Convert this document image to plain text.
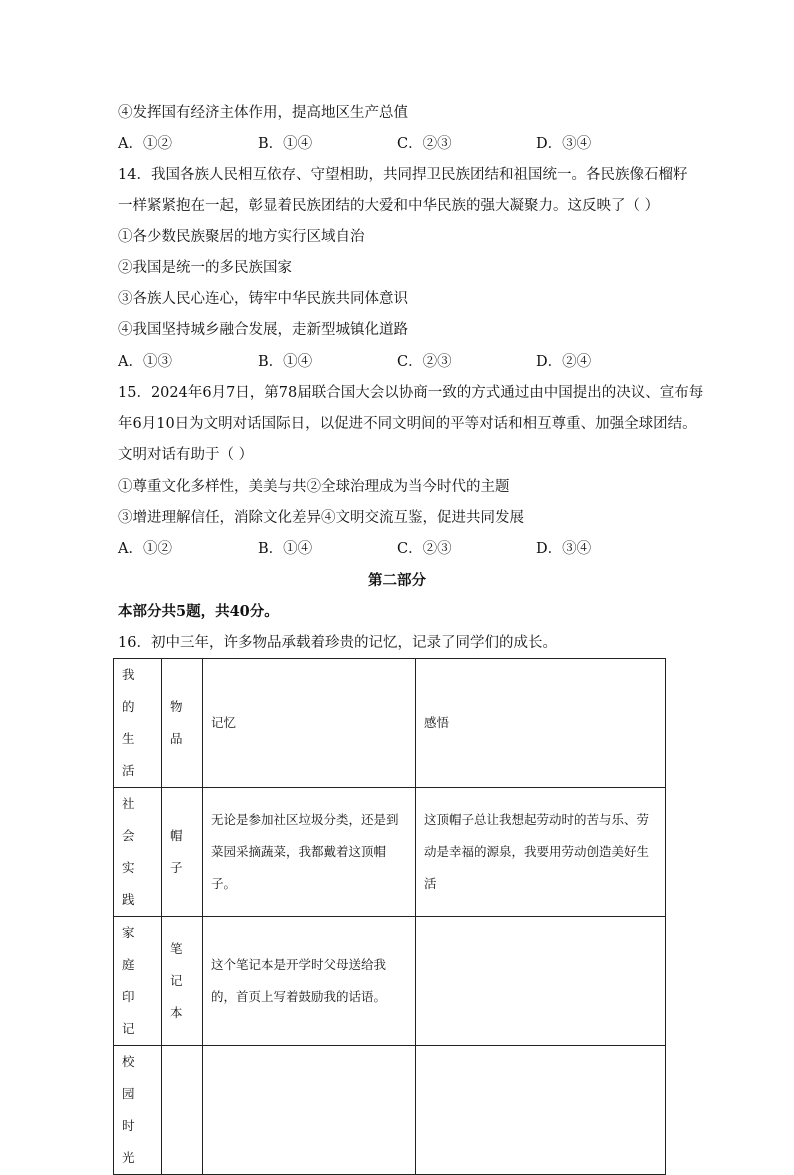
④发挥国有经济主体作用，提高地区生产总值
A．①②	B．①④	C．②③	D．③④
14．我国各族人民相互依存、守望相助，共同捍卫民族团结和祖国统一。各民族像石榴籽
一样紧紧抱在一起，彰显着民族团结的大爱和中华民族的强大凝聚力。这反映了（ ）
①各少数民族聚居的地方实行区域自治
②我国是统一的多民族国家
③各族人民心连心，铸牢中华民族共同体意识
④我国坚持城乡融合发展，走新型城镇化道路
A．①③	B．①④	C．②③	D．②④
15．2024年6月7日，第78届联合国大会以协商一致的方式通过由中国提出的决议、宣布每
年6月10日为文明对话国际日，以促进不同文明间的平等对话和相互尊重、加强全球团结。
文明对话有助于（ ）
①尊重文化多样性，美美与共②全球治理成为当今时代的主题
③增进理解信任，消除文化差异④文明交流互鉴，促进共同发展
A．①②	B．①④	C．②③	D．③④
第二部分
本部分共5题，共40分。
16．初中三年，许多物品承载着珍贵的记忆，记录了同学们的成长。
我的生活	物品	记忆	感悟

社会实践	帽子	无论是参加社区垃圾分类，还是到菜园采摘蔬菜，我都戴着这顶帽子。	这顶帽子总让我想起劳动时的苦与乐、劳动是幸福的源泉，我要用劳动创造美好生活

家庭印记	笔记本	这个笔记本是开学时父母送给我的，首页上写着鼓励我的话语。	

校园时光			
